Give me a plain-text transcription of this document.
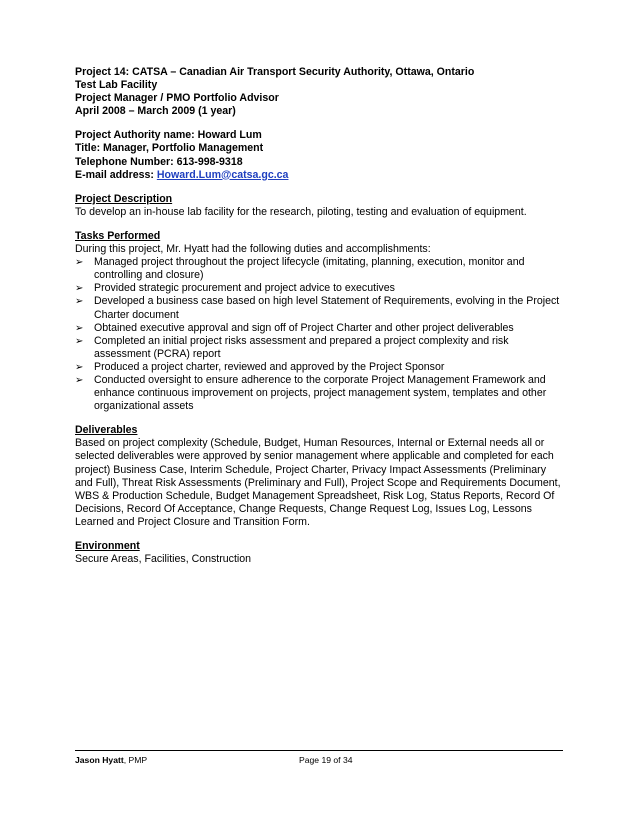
Project 14: CATSA – Canadian Air Transport Security Authority, Ottawa, Ontario
Test Lab Facility
Project Manager / PMO Portfolio Advisor
April 2008 – March 2009 (1 year)
Project Authority name: Howard Lum
Title: Manager, Portfolio Management
Telephone Number: 613-998-9318
E-mail address: Howard.Lum@catsa.gc.ca
Project Description
To develop an in-house lab facility for the research, piloting, testing and evaluation of equipment.
Tasks Performed
During this project, Mr. Hyatt had the following duties and accomplishments:
➢ Managed project throughout the project lifecycle (imitating, planning, execution, monitor and controlling and closure)
➢ Provided strategic procurement and project advice to executives
➢ Developed a business case based on high level Statement of Requirements, evolving in the Project Charter document
➢ Obtained executive approval and sign off of Project Charter and other project deliverables
➢ Completed an initial project risks assessment and prepared a project complexity and risk assessment (PCRA) report
➢ Produced a project charter, reviewed and approved by the Project Sponsor
➢ Conducted oversight to ensure adherence to the corporate Project Management Framework and enhance continuous improvement on projects, project management system, templates and other organizational assets
Deliverables
Based on project complexity (Schedule, Budget, Human Resources, Internal or External needs all or selected deliverables were approved by senior management where applicable and completed for each project) Business Case, Interim Schedule, Project Charter, Privacy Impact Assessments (Preliminary and Full), Threat Risk Assessments (Preliminary and Full), Project Scope and Requirements Document, WBS & Production Schedule, Budget Management Spreadsheet, Risk Log, Status Reports, Record Of Decisions, Record Of Acceptance, Change Requests, Change Request Log, Issues Log, Lessons Learned and Project Closure and Transition Form.
Environment
Secure Areas, Facilities, Construction
Jason Hyatt, PMP	Page 19 of 34
